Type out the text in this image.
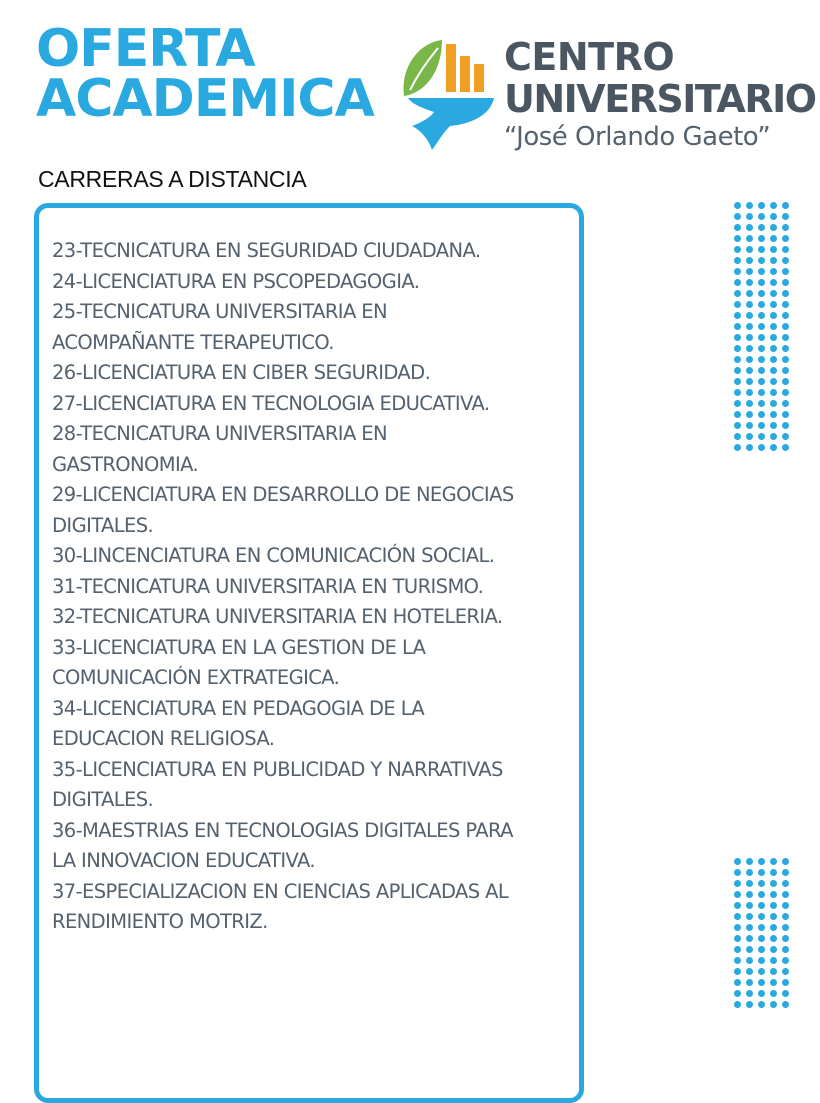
OFERTA
ACADEMICA
CENTRO
UNIVERSITARIO
“José Orlando Gaeto”
CARRERAS A DISTANCIA
23-TECNICATURA EN SEGURIDAD CIUDADANA.
24-LICENCIATURA EN PSCOPEDAGOGIA.
25-TECNICATURA UNIVERSITARIA EN
ACOMPAÑANTE TERAPEUTICO.
26-LICENCIATURA EN CIBER SEGURIDAD.
27-LICENCIATURA EN TECNOLOGIA EDUCATIVA.
28-TECNICATURA UNIVERSITARIA EN
GASTRONOMIA.
29-LICENCIATURA EN DESARROLLO DE NEGOCIAS
DIGITALES.
30-LINCENCIATURA EN COMUNICACIÓN SOCIAL.
31-TECNICATURA UNIVERSITARIA EN TURISMO.
32-TECNICATURA UNIVERSITARIA EN HOTELERIA.
33-LICENCIATURA EN LA GESTION DE LA
COMUNICACIÓN EXTRATEGICA.
34-LICENCIATURA EN PEDAGOGIA DE LA
EDUCACION RELIGIOSA.
35-LICENCIATURA EN PUBLICIDAD Y NARRATIVAS
DIGITALES.
36-MAESTRIAS EN TECNOLOGIAS DIGITALES PARA
LA INNOVACION EDUCATIVA.
37-ESPECIALIZACION EN CIENCIAS APLICADAS AL
RENDIMIENTO MOTRIZ.
